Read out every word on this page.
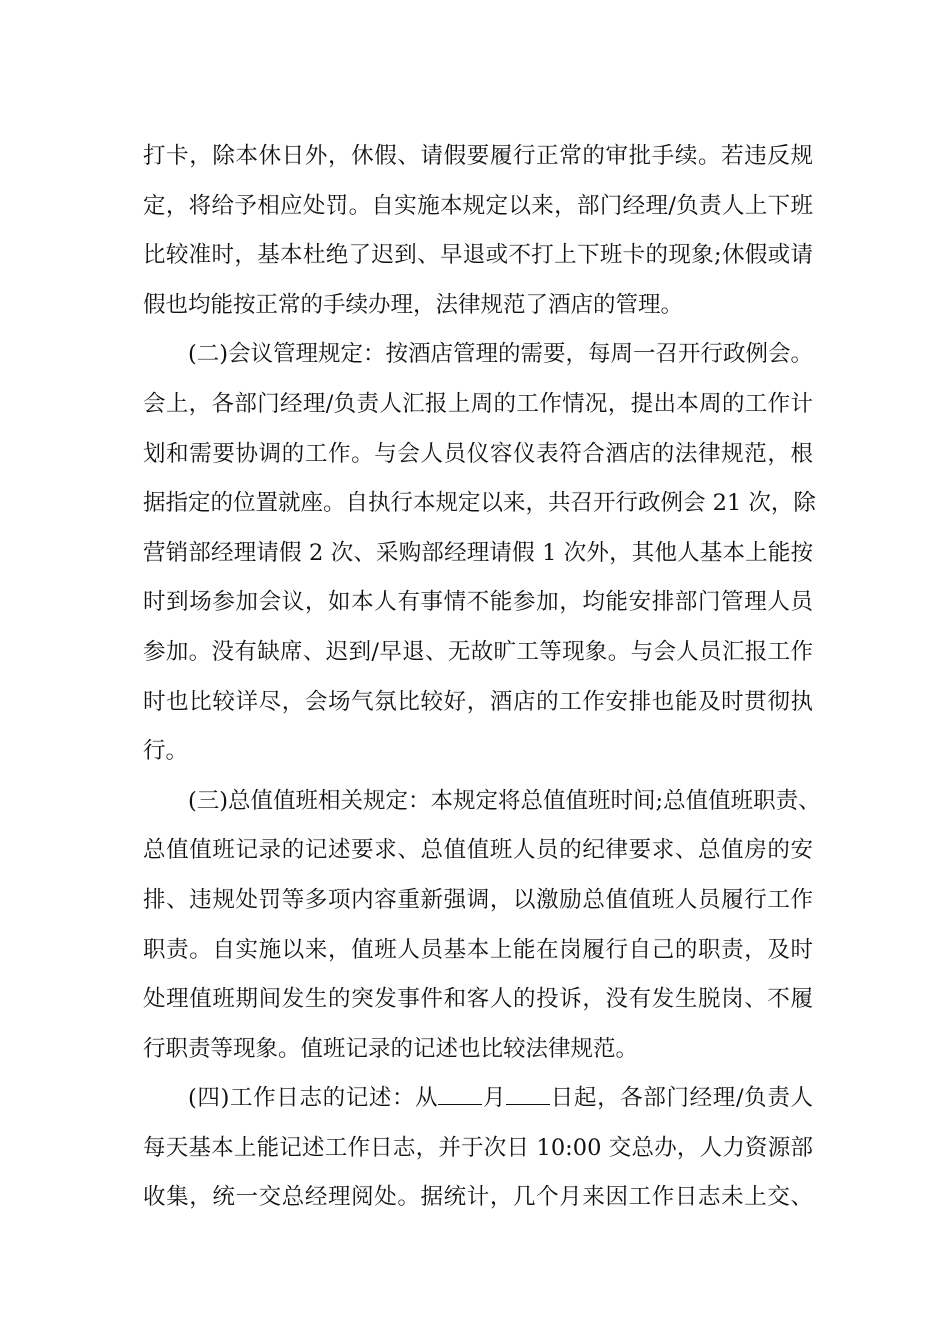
打卡，除本休日外，休假、请假要履行正常的审批手续。若违反规
定，将给予相应处罚。自实施本规定以来，部门经理/负责人上下班
比较准时，基本杜绝了迟到、早退或不打上下班卡的现象;休假或请
假也均能按正常的手续办理，法律规范了酒店的管理。
(二)会议管理规定：按酒店管理的需要，每周一召开行政例会。
会上，各部门经理/负责人汇报上周的工作情况，提出本周的工作计
划和需要协调的工作。与会人员仪容仪表符合酒店的法律规范，根
据指定的位置就座。自执行本规定以来，共召开行政例会 21 次，除
营销部经理请假 2 次、采购部经理请假 1 次外，其他人基本上能按
时到场参加会议，如本人有事情不能参加，均能安排部门管理人员
参加。没有缺席、迟到/早退、无故旷工等现象。与会人员汇报工作
时也比较详尽，会场气氛比较好，酒店的工作安排也能及时贯彻执
行。
(三)总值值班相关规定：本规定将总值值班时间;总值值班职责、
总值值班记录的记述要求、总值值班人员的纪律要求、总值房的安
排、违规处罚等多项内容重新强调，以激励总值值班人员履行工作
职责。自实施以来，值班人员基本上能在岗履行自己的职责，及时
处理值班期间发生的突发事件和客人的投诉，没有发生脱岗、不履
行职责等现象。值班记录的记述也比较法律规范。
(四)工作日志的记述：从 月 日起，各部门经理/负责人
每天基本上能记述工作日志，并于次日 10:00 交总办，人力资源部
收集，统一交总经理阅处。据统计，几个月来因工作日志未上交、
